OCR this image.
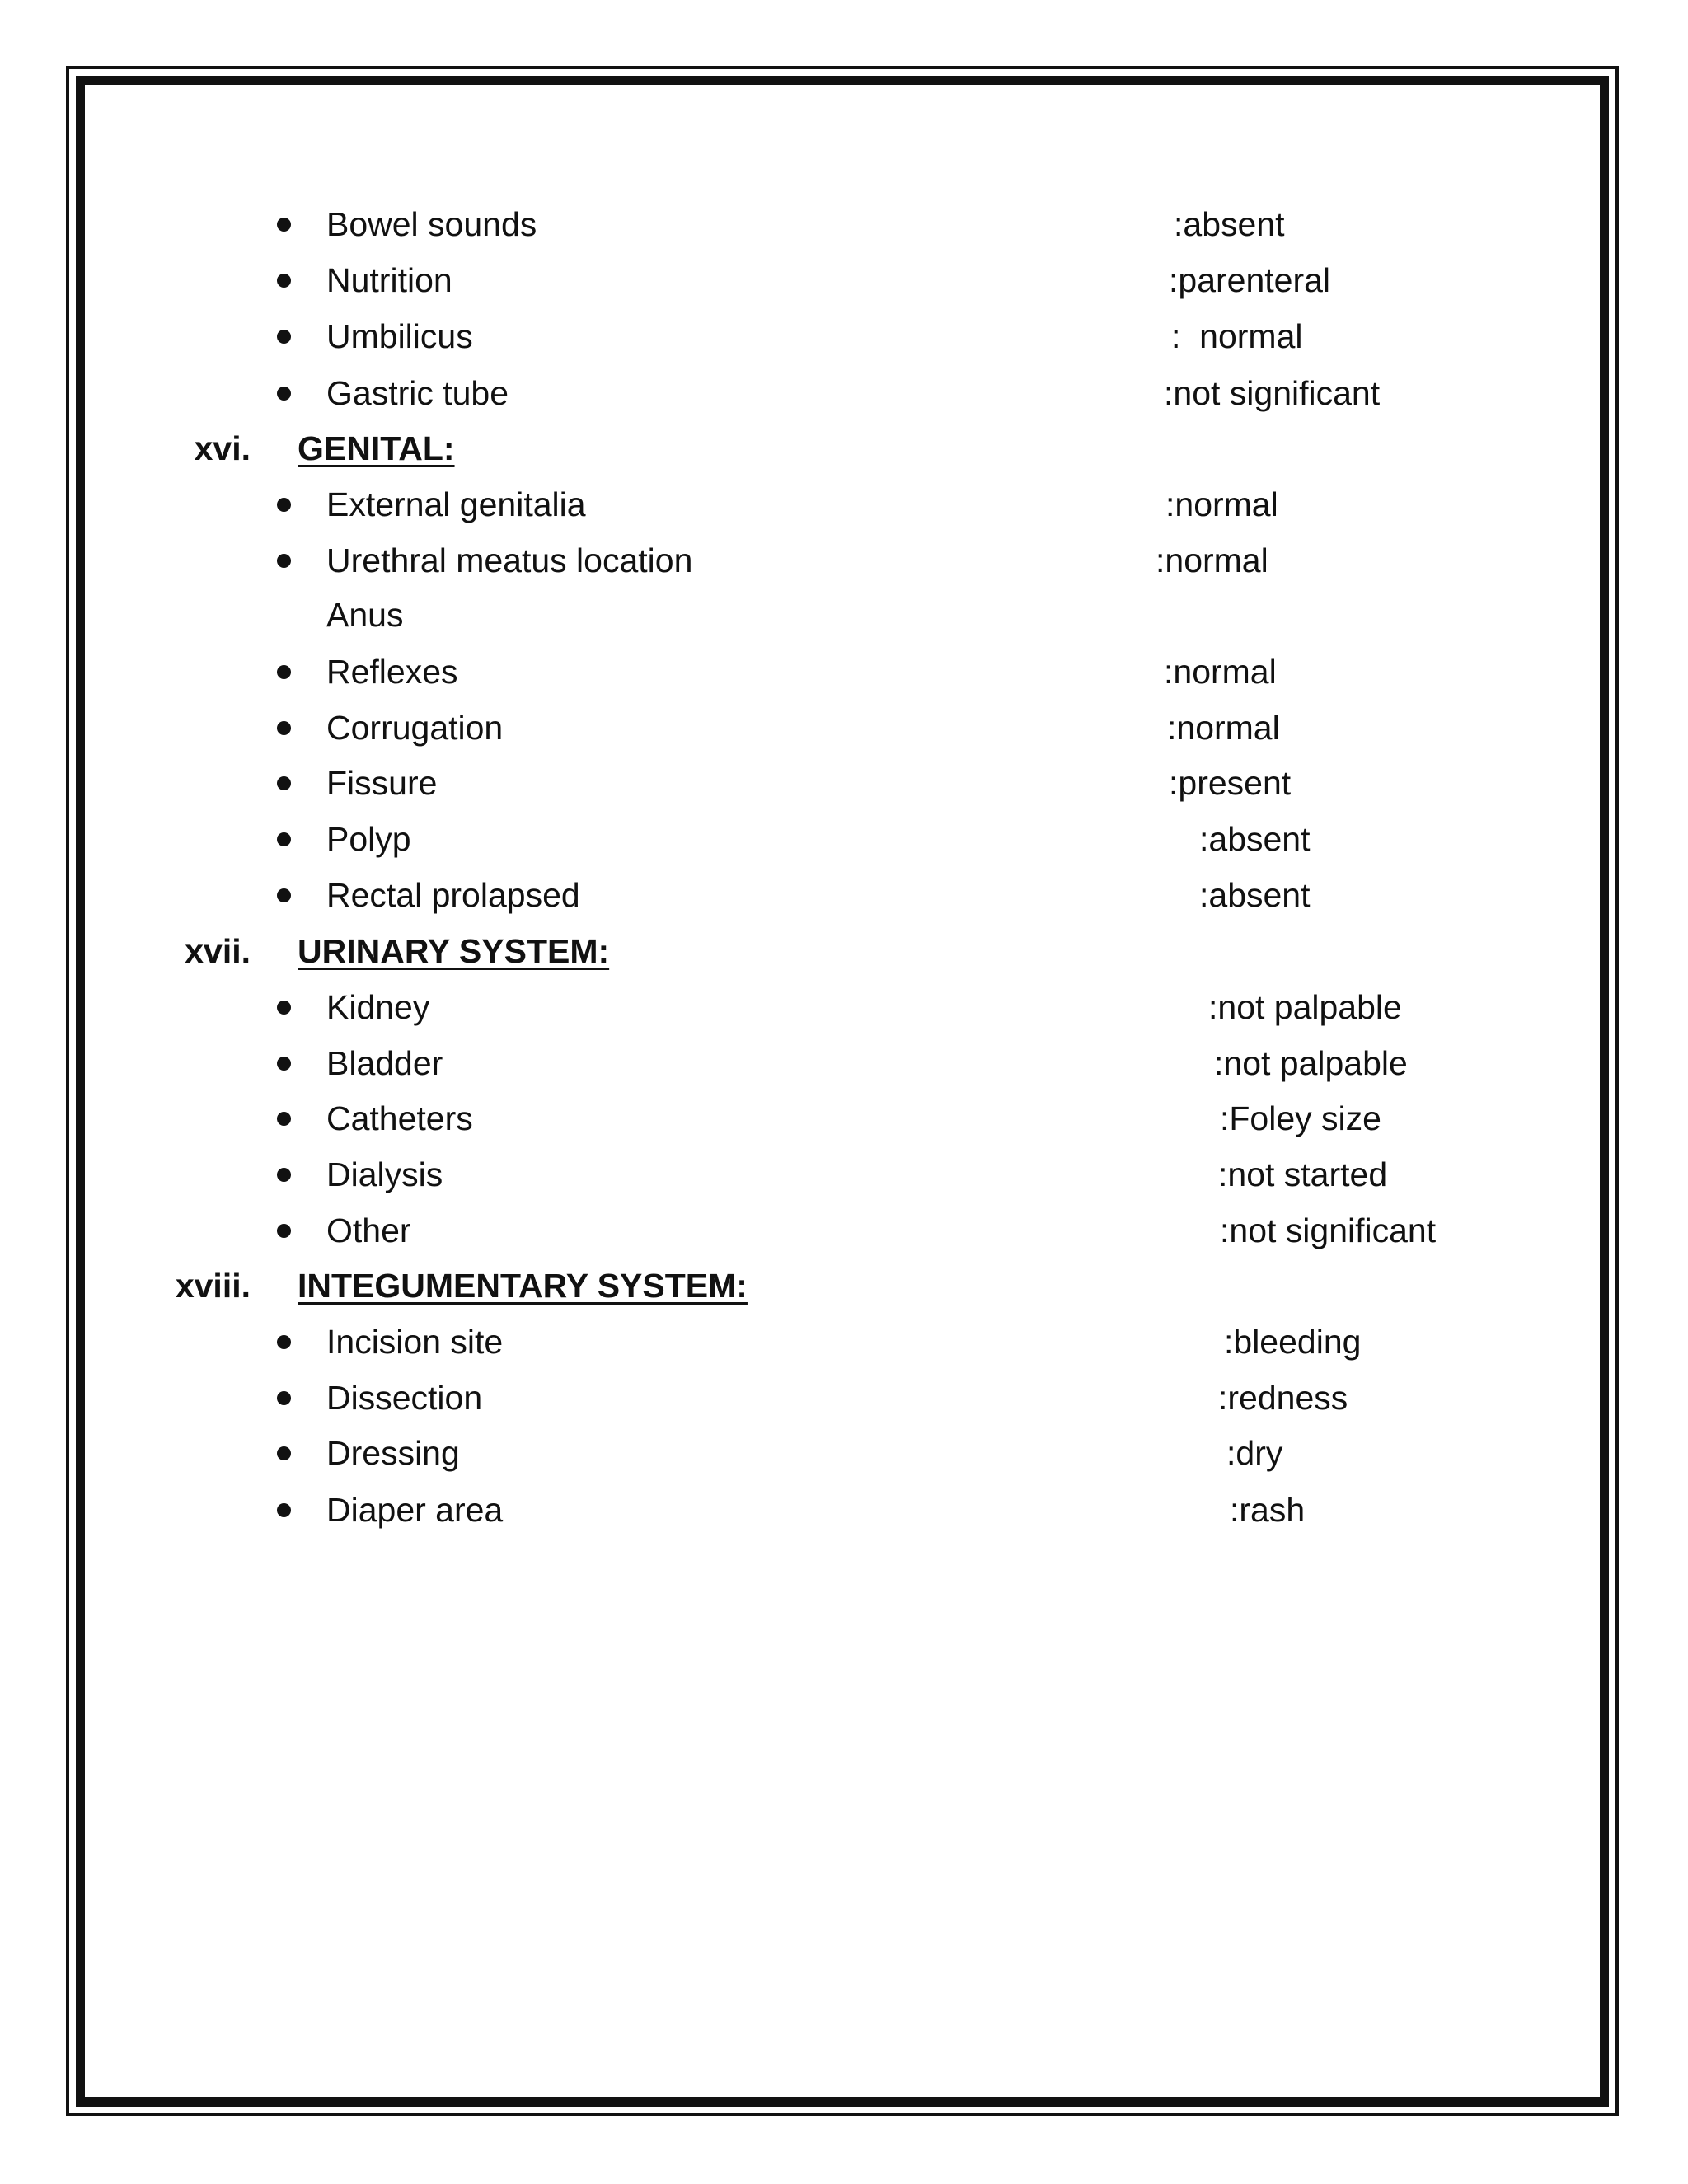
Bowel sounds	:absent
Nutrition	:parenteral
Umbilicus	:  normal
Gastric tube	:not significant
xvi. GENITAL:
External genitalia	:normal
Urethral meatus location	:normal
Anus
Reflexes	:normal
Corrugation	:normal
Fissure	:present
Polyp	:absent
Rectal prolapsed	:absent
xvii. URINARY SYSTEM:
Kidney	:not palpable
Bladder	:not palpable
Catheters	:Foley size
Dialysis	:not started
Other	:not significant
xviii. INTEGUMENTARY SYSTEM:
Incision site	:bleeding
Dissection	:redness
Dressing	:dry
Diaper area	:rash
